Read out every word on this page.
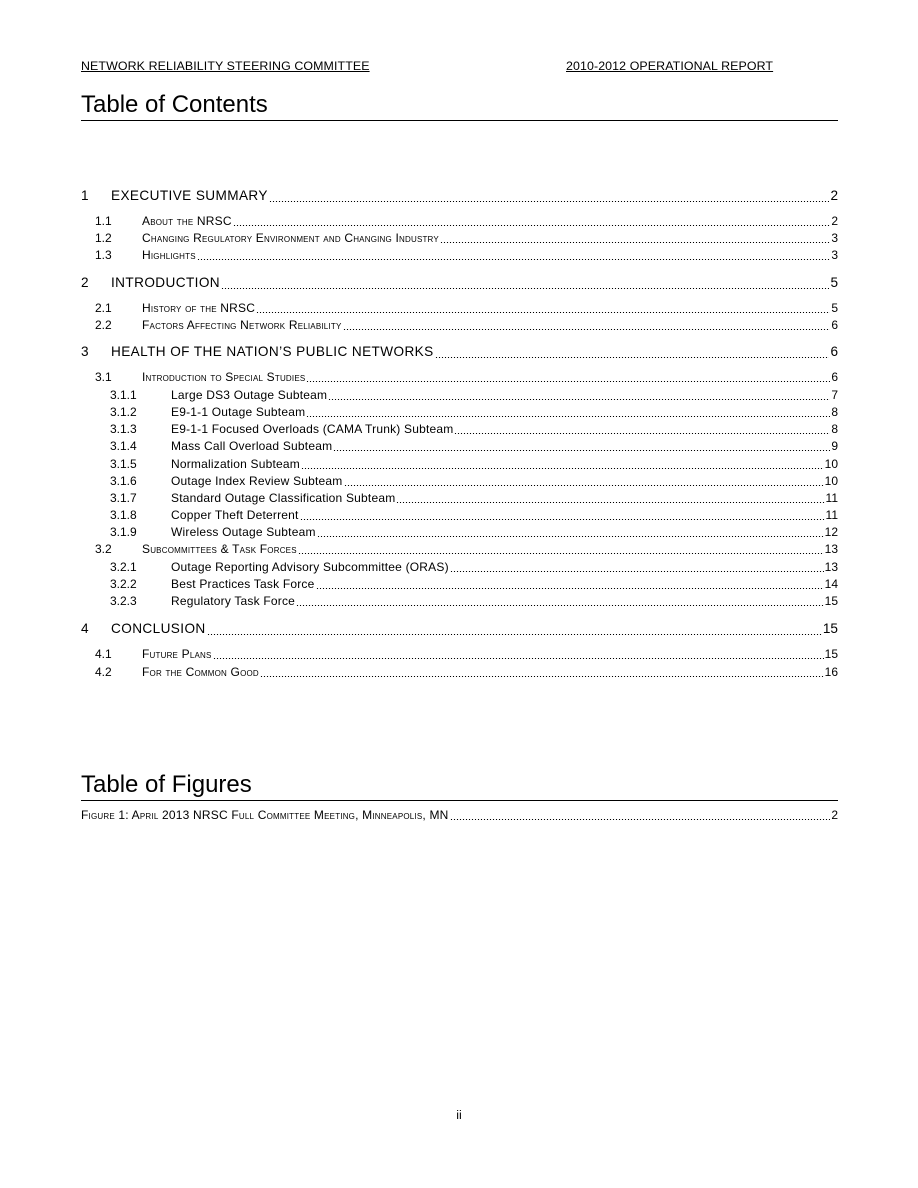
NETWORK RELIABILITY STEERING COMMITTEE	2010-2012 OPERATIONAL REPORT
Table of Contents
1 EXECUTIVE SUMMARY	2
1.1	About the NRSC	2
1.2	Changing Regulatory Environment and Changing Industry	3
1.3	Highlights	3
2 INTRODUCTION	5
2.1	History of the NRSC	5
2.2	Factors Affecting Network Reliability	6
3 HEALTH OF THE NATION’S PUBLIC NETWORKS	6
3.1	Introduction to Special Studies	6
3.1.1	Large DS3 Outage Subteam	7
3.1.2	E9-1-1 Outage Subteam	8
3.1.3	E9-1-1 Focused Overloads (CAMA Trunk) Subteam	8
3.1.4	Mass Call Overload Subteam	9
3.1.5	Normalization Subteam	10
3.1.6	Outage Index Review Subteam	10
3.1.7	Standard Outage Classification Subteam	11
3.1.8	Copper Theft Deterrent	11
3.1.9	Wireless Outage Subteam	12
3.2	Subcommittees & Task Forces	13
3.2.1	Outage Reporting Advisory Subcommittee (ORAS)	13
3.2.2	Best Practices Task Force	14
3.2.3	Regulatory Task Force	15
4 CONCLUSION	15
4.1	Future Plans	15
4.2	For the Common Good	16
Table of Figures
Figure 1: April 2013 NRSC Full Committee Meeting, Minneapolis, MN	2
ii
